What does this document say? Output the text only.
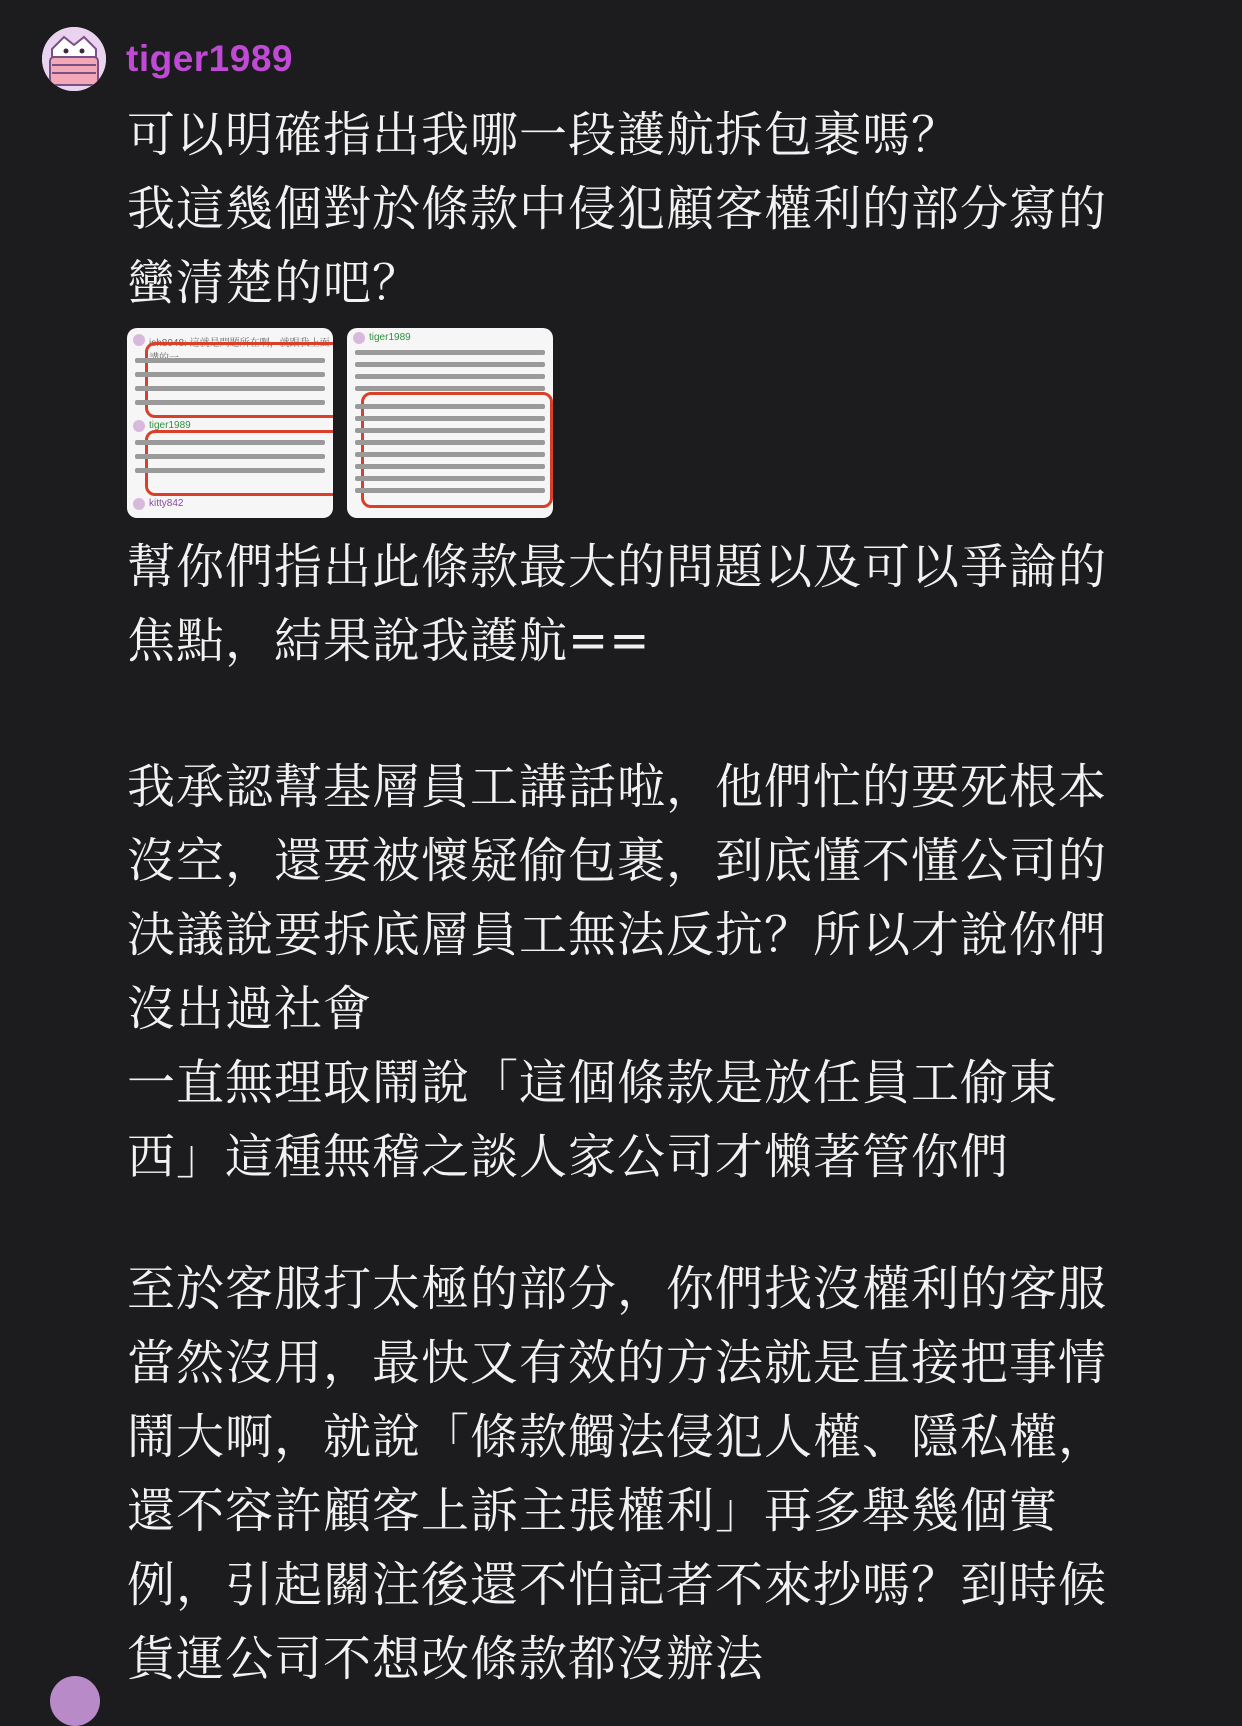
tiger1989

可以明確指出我哪一段護航拆包裹嗎？
我這幾個對於條款中侵犯顧客權利的部分寫的
蠻清楚的吧？

ish8048: 這就是問題所在啊，就跟我上面
tiger1989
kitty842
tiger1989

幫你們指出此條款最大的問題以及可以爭論的
焦點，結果說我護航==

我承認幫基層員工講話啦，他們忙的要死根本
沒空，還要被懷疑偷包裹，到底懂不懂公司的
決議說要拆底層員工無法反抗？所以才說你們
沒出過社會
一直無理取鬧說「這個條款是放任員工偷東
西」這種無稽之談人家公司才懶著管你們

至於客服打太極的部分，你們找沒權利的客服
當然沒用，最快又有效的方法就是直接把事情
鬧大啊，就說「條款觸法侵犯人權、隱私權，
還不容許顧客上訴主張權利」再多舉幾個實
例，引起關注後還不怕記者不來抄嗎？到時候
貨運公司不想改條款都沒辦法
